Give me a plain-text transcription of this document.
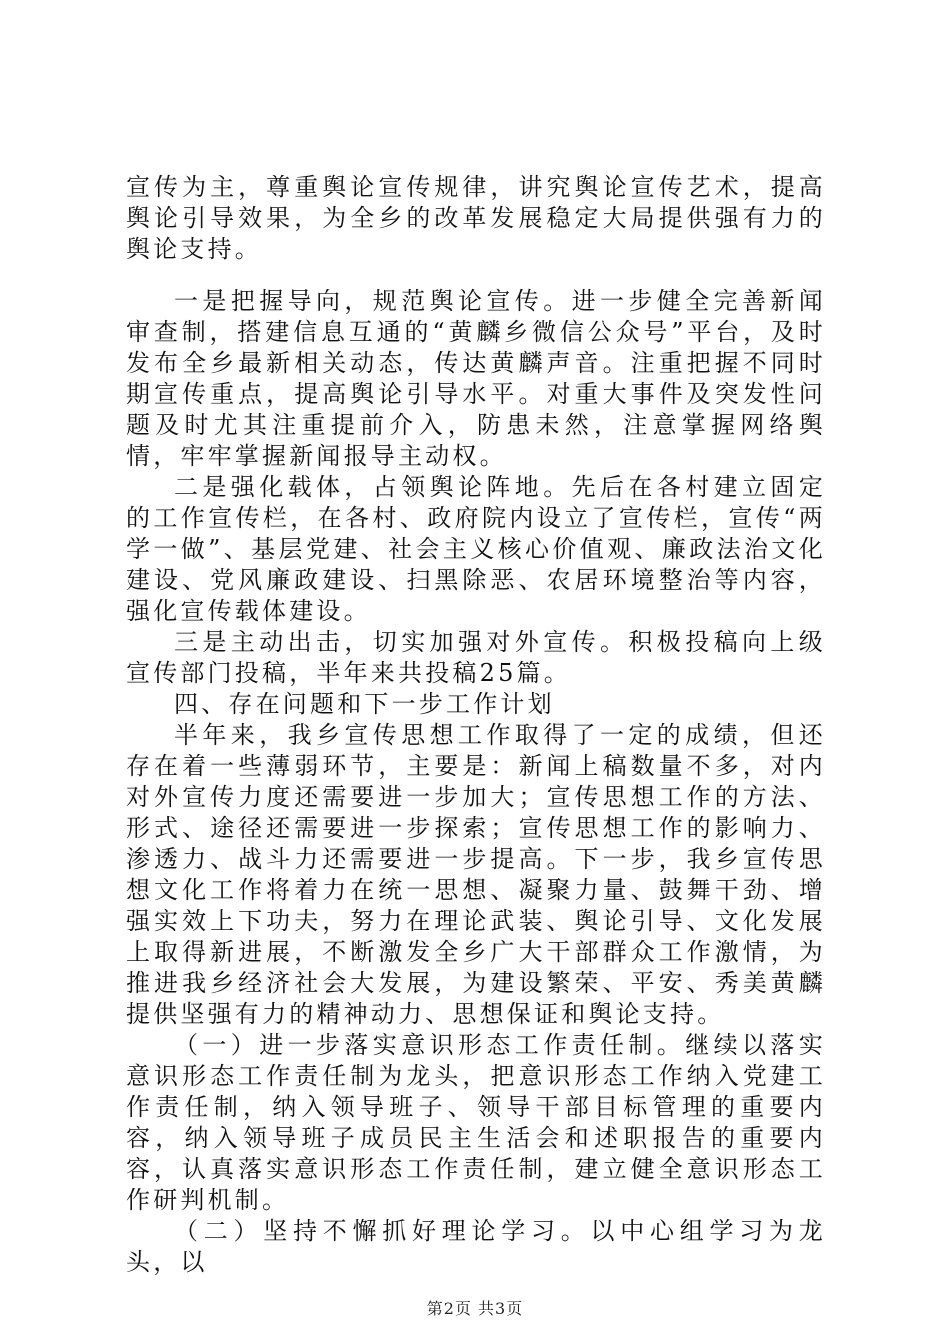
宣传为主，尊重舆论宣传规律，讲究舆论宣传艺术，提高舆论引导效果，为全乡的改革发展稳定大局提供强有力的舆论支持。

一是把握导向，规范舆论宣传。进一步健全完善新闻审查制，搭建信息互通的“黄麟乡微信公众号”平台，及时发布全乡最新相关动态，传达黄麟声音。注重把握不同时期宣传重点，提高舆论引导水平。对重大事件及突发性问题及时尤其注重提前介入，防患未然，注意掌握网络舆情，牢牢掌握新闻报导主动权。

二是强化载体，占领舆论阵地。先后在各村建立固定的工作宣传栏，在各村、政府院内设立了宣传栏，宣传“两学一做”、基层党建、社会主义核心价值观、廉政法治文化建设、党风廉政建设、扫黑除恶、农居环境整治等内容，强化宣传载体建设。

三是主动出击，切实加强对外宣传。积极投稿向上级宣传部门投稿，半年来共投稿25篇。

四、存在问题和下一步工作计划

半年来，我乡宣传思想工作取得了一定的成绩，但还存在着一些薄弱环节，主要是：新闻上稿数量不多，对内对外宣传力度还需要进一步加大；宣传思想工作的方法、形式、途径还需要进一步探索；宣传思想工作的影响力、渗透力、战斗力还需要进一步提高。下一步，我乡宣传思想文化工作将着力在统一思想、凝聚力量、鼓舞干劲、增强实效上下功夫，努力在理论武装、舆论引导、文化发展上取得新进展，不断激发全乡广大干部群众工作激情，为推进我乡经济社会大发展，为建设繁荣、平安、秀美黄麟提供坚强有力的精神动力、思想保证和舆论支持。

（一）进一步落实意识形态工作责任制。继续以落实意识形态工作责任制为龙头，把意识形态工作纳入党建工作责任制，纳入领导班子、领导干部目标管理的重要内容，纳入领导班子成员民主生活会和述职报告的重要内容，认真落实意识形态工作责任制，建立健全意识形态工作研判机制。

（二）坚持不懈抓好理论学习。以中心组学习为龙头，以

第2页 共3页
